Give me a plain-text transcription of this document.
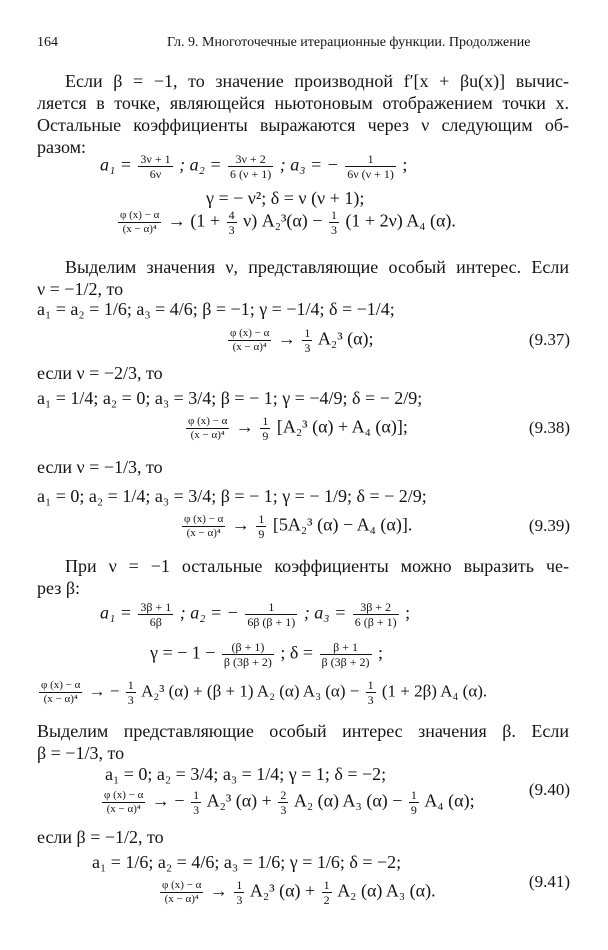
164	Гл. 9. Многоточечные итерационные функции. Продолжение

Если β = −1, то значение производной f′[x + βu(x)] вычис-

ляется в точке, являющейся ньютоновым отображением точки x.

Остальные коэффициенты выражаются через ν следующим об-

разом:

$a_1 = \frac{3\nu + 1}{6\nu}$ ; $a_2 = \frac{3\nu + 2}{6 (\nu + 1)}$ ; a₃ = − $\frac{1}{6\nu (\nu + 1)}$ ;
γ = − ν²; δ = ν (ν + 1);
$\frac{\varphi (x) - \alpha}{\text{(x − α)⁴}} \to (1 + \frac{4}{3} \nu) A_2^3(\alpha) - \frac{1}{3} (1 + 2\nu)$ A₄ (α).

Выделим значения ν, представляющие особый интерес. Если

ν = −1/2, то

a₁ = a₂ = 1/6; a₃ = 4/6; β = −1; γ = −1/4; δ = −1/4;
$\frac{\varphi (x) - \alpha}{\text{(x − α)⁴}} \to \frac{1}{3} A_2^3$ (α);	(9.37)

если ν = −2/3, то

a₁ = 1/4; a₂ = 0; a₃ = 3/4; β = − 1; γ = −4/9; δ = − 2/9;
$\frac{\varphi (x) - \alpha}{\text{(x − α)⁴}} \to \frac{1}{9} [A_2^3$ (α) + A₄ (α)];	(9.38)

если ν = −1/3, то

a₁ = 0; a₂ = 1/4; a₃ = 3/4; β = − 1; γ = − 1/9; δ = − 2/9;
$\frac{\varphi (x) - \alpha}{\text{(x − α)⁴}} \to \frac{1}{9} [5A_2^3$ (α) − A₄ (α)].	(9.39)

При ν = −1 остальные коэффициенты можно выразить че-

рез β:

$a_1 = \frac{3\beta + 1}{6\beta}$ ; a₂ = − $\frac{1}{6\beta (\beta + 1)}$ ; $a_3 = \frac{3\beta + 2}{6 (\beta + 1)}$ ;
γ = − $1 - \frac{(\beta + 1)}{\beta (3\beta + 2)}$ ; $\delta = \frac{\beta + 1}{\beta (3\beta + 2)}$ ;
$\frac{\varphi (x) - \alpha}{\text{(x − α)⁴}}$ → − $\frac{1}{3} A_2^3$ (α) + (β + 1) A₂ (α) A₃ $(\alpha) - \frac{1}{3} (1 + 2\beta)$ A₄ (α).

Выделим представляющие особый интерес значения β. Если

β = −1/3, то

a₁ = 0; a₂ = 3/4; a₃ = 1/4; γ = 1; δ = −2;
$\frac{\varphi (x) - \alpha}{\text{(x − α)⁴}}$ → − $\frac{1}{3} A_2^3$ $(\alpha) + \frac{2}{3} A_2$ (α) A₃ $(\alpha) - \frac{1}{9} A_4$ (α);
(9.40)

если β = −1/2, то

a₁ = 1/6; a₂ = 4/6; a₃ = 1/6; γ = 1/6; δ = −2;
$\frac{\varphi (x) - \alpha}{\text{(x − α)⁴}} \to \frac{1}{3} A_2^3$ $(\alpha) + \frac{1}{2} A_2$ (α) A₃ (α).	(9.41)
